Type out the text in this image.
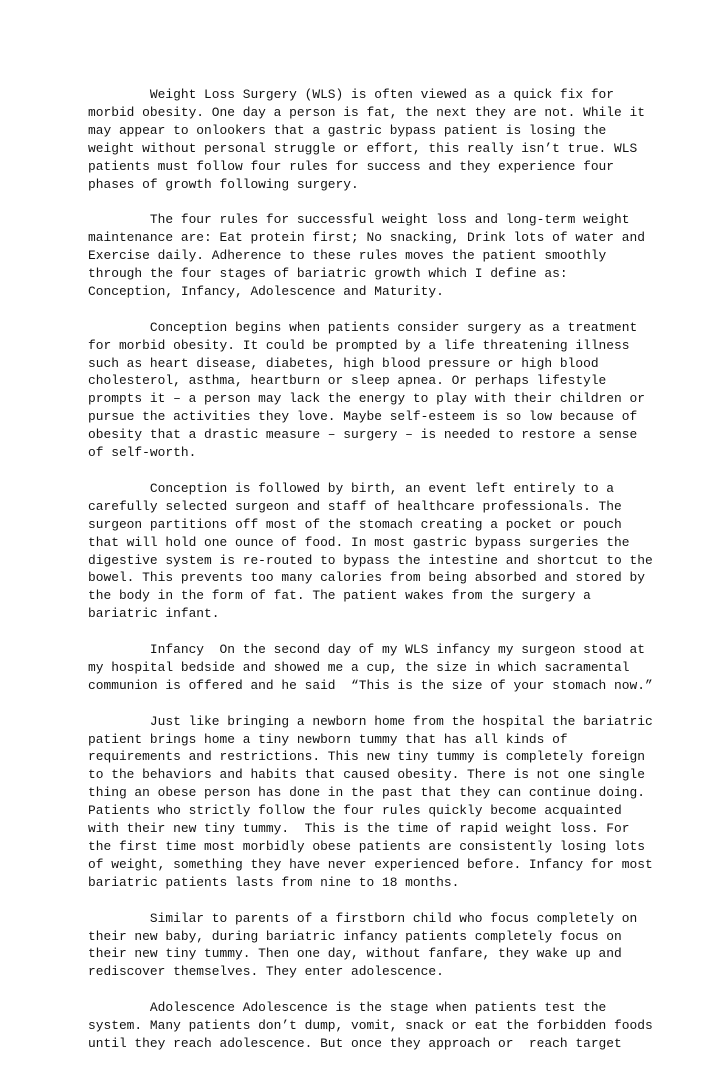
Weight Loss Surgery (WLS) is often viewed as a quick fix for
morbid obesity. One day a person is fat, the next they are not. While it
may appear to onlookers that a gastric bypass patient is losing the
weight without personal struggle or effort, this really isn’t true. WLS
patients must follow four rules for success and they experience four
phases of growth following surgery.

The four rules for successful weight loss and long-term weight
maintenance are: Eat protein first; No snacking, Drink lots of water and
Exercise daily. Adherence to these rules moves the patient smoothly
through the four stages of bariatric growth which I define as:
Conception, Infancy, Adolescence and Maturity.

Conception begins when patients consider surgery as a treatment
for morbid obesity. It could be prompted by a life threatening illness
such as heart disease, diabetes, high blood pressure or high blood
cholesterol, asthma, heartburn or sleep apnea. Or perhaps lifestyle
prompts it – a person may lack the energy to play with their children or
pursue the activities they love. Maybe self-esteem is so low because of
obesity that a drastic measure – surgery – is needed to restore a sense
of self-worth.

Conception is followed by birth, an event left entirely to a
carefully selected surgeon and staff of healthcare professionals. The
surgeon partitions off most of the stomach creating a pocket or pouch
that will hold one ounce of food. In most gastric bypass surgeries the
digestive system is re-routed to bypass the intestine and shortcut to the
bowel. This prevents too many calories from being absorbed and stored by
the body in the form of fat. The patient wakes from the surgery a
bariatric infant.

Infancy  On the second day of my WLS infancy my surgeon stood at
my hospital bedside and showed me a cup, the size in which sacramental
communion is offered and he said  “This is the size of your stomach now.”

Just like bringing a newborn home from the hospital the bariatric
patient brings home a tiny newborn tummy that has all kinds of
requirements and restrictions. This new tiny tummy is completely foreign
to the behaviors and habits that caused obesity. There is not one single
thing an obese person has done in the past that they can continue doing.
Patients who strictly follow the four rules quickly become acquainted
with their new tiny tummy.  This is the time of rapid weight loss. For
the first time most morbidly obese patients are consistently losing lots
of weight, something they have never experienced before. Infancy for most
bariatric patients lasts from nine to 18 months.

Similar to parents of a firstborn child who focus completely on
their new baby, during bariatric infancy patients completely focus on
their new tiny tummy. Then one day, without fanfare, they wake up and
rediscover themselves. They enter adolescence.

Adolescence Adolescence is the stage when patients test the
system. Many patients don’t dump, vomit, snack or eat the forbidden foods
until they reach adolescence. But once they approach or  reach target
